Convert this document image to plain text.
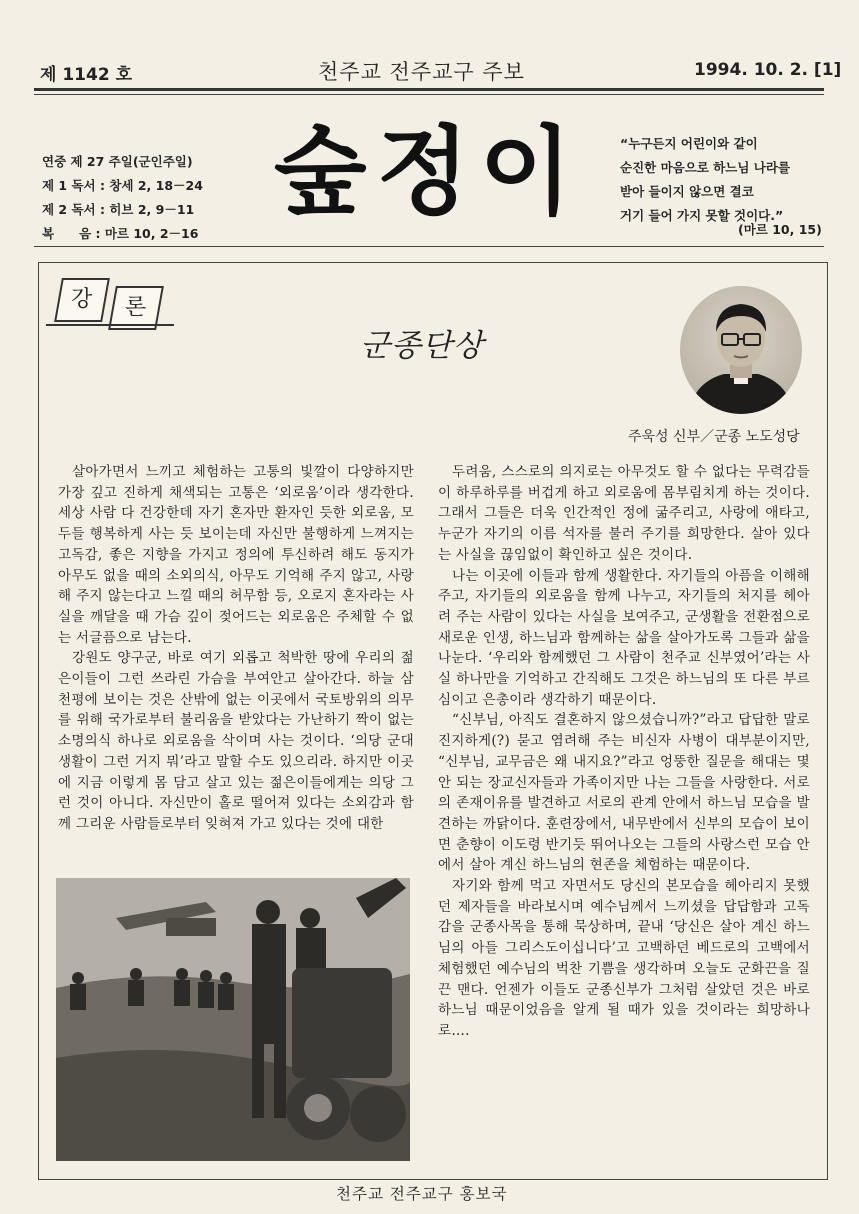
제 1142 호	천주교 전주교구 주보	1994. 10. 2. [1]
연중 제 27 주일(군인주일)
제 1 독서 : 창세 2, 18－24
제 2 독서 : 히브 2, 9－11
복　　음 : 마르 10, 2－16
숲정이	“누구든지 어린이와 같이
순진한 마음으로 하느님 나라를
받아 들이지 않으면 결코
거기 들어 가지 못할 것이다.”
(마르 10, 15)
강	론
군종단상
주욱성 신부／군종 노도성당

살아가면서 느끼고 체험하는 고통의 빛깔이 다양하지만 가장 깊고 진하게 채색되는 고통은 ‘외로움’이라 생각한다. 세상 사람 다 건강한데 자기 혼자만 환자인 듯한 외로움, 모두들 행복하게 사는 듯 보이는데 자신만 불행하게 느껴지는 고독감, 좋은 지향을 가지고 정의에 투신하려 해도 동지가 아무도 없을 때의 소외의식, 아무도 기억해 주지 않고, 사랑해 주지 않는다고 느낄 때의 허무함 등, 오로지 혼자라는 사실을 깨달을 때 가슴 깊이 젖어드는 외로움은 주체할 수 없는 서글픔으로 남는다.

강원도 양구군, 바로 여기 외롭고 척박한 땅에 우리의 젊은이들이 그런 쓰라린 가슴을 부여안고 살아간다. 하늘 삼천평에 보이는 것은 산밖에 없는 이곳에서 국토방위의 의무를 위해 국가로부터 불리움을 받았다는 가난하기 짝이 없는 소명의식 하나로 외로움을 삭이며 사는 것이다. ‘의당 군대생활이 그런 거지 뭐’라고 말할 수도 있으리라. 하지만 이곳에 지금 이렇게 몸 담고 살고 있는 젊은이들에게는 의당 그런 것이 아니다. 자신만이 홀로 떨어져 있다는 소외감과 함께 그리운 사람들로부터 잊혀져 가고 있다는 것에 대한

두려움, 스스로의 의지로는 아무것도 할 수 없다는 무력감들이 하루하루를 버겁게 하고 외로움에 몸부림치게 하는 것이다. 그래서 그들은 더욱 인간적인 정에 굶주리고, 사랑에 애타고, 누군가 자기의 이름 석자를 불러 주기를 희망한다. 살아 있다는 사실을 끊임없이 확인하고 싶은 것이다.

나는 이곳에 이들과 함께 생활한다. 자기들의 아픔을 이해해 주고, 자기들의 외로움을 함께 나누고, 자기들의 처지를 헤아려 주는 사람이 있다는 사실을 보여주고, 군생활을 전환점으로 새로운 인생, 하느님과 함께하는 삶을 살아가도록 그들과 삶을 나눈다. ‘우리와 함께했던 그 사람이 천주교 신부였어’라는 사실 하나만을 기억하고 간직해도 그것은 하느님의 또 다른 부르심이고 은총이라 생각하기 때문이다.

“신부님, 아직도 결혼하지 않으셨습니까?”라고 답답한 말로 진지하게(?) 묻고 염려해 주는 비신자 사병이 대부분이지만, “신부님, 교무금은 왜 내지요?”라고 엉뚱한 질문을 해대는 몇 안 되는 장교신자들과 가족이지만 나는 그들을 사랑한다. 서로의 존재이유를 발견하고 서로의 관계 안에서 하느님 모습을 발견하는 까닭이다. 훈련장에서, 내무반에서 신부의 모습이 보이면 춘향이 이도령 반기듯 뛰어나오는 그들의 사랑스런 모습 안에서 살아 계신 하느님의 현존을 체험하는 때문이다.

자기와 함께 먹고 자면서도 당신의 본모습을 헤아리지 못했던 제자들을 바라보시며 예수님께서 느끼셨을 답답함과 고독감을 군종사목을 통해 묵상하며, 끝내 ‘당신은 살아 계신 하느님의 아들 그리스도이십니다’고 고백하던 베드로의 고백에서 체험했던 예수님의 벅찬 기쁨을 생각하며 오늘도 군화끈을 질끈 맨다. 언젠가 이들도 군종신부가 그처럼 살았던 것은 바로 하느님 때문이었음을 알게 될 때가 있을 것이라는 희망하나로….

천주교 전주교구 홍보국
